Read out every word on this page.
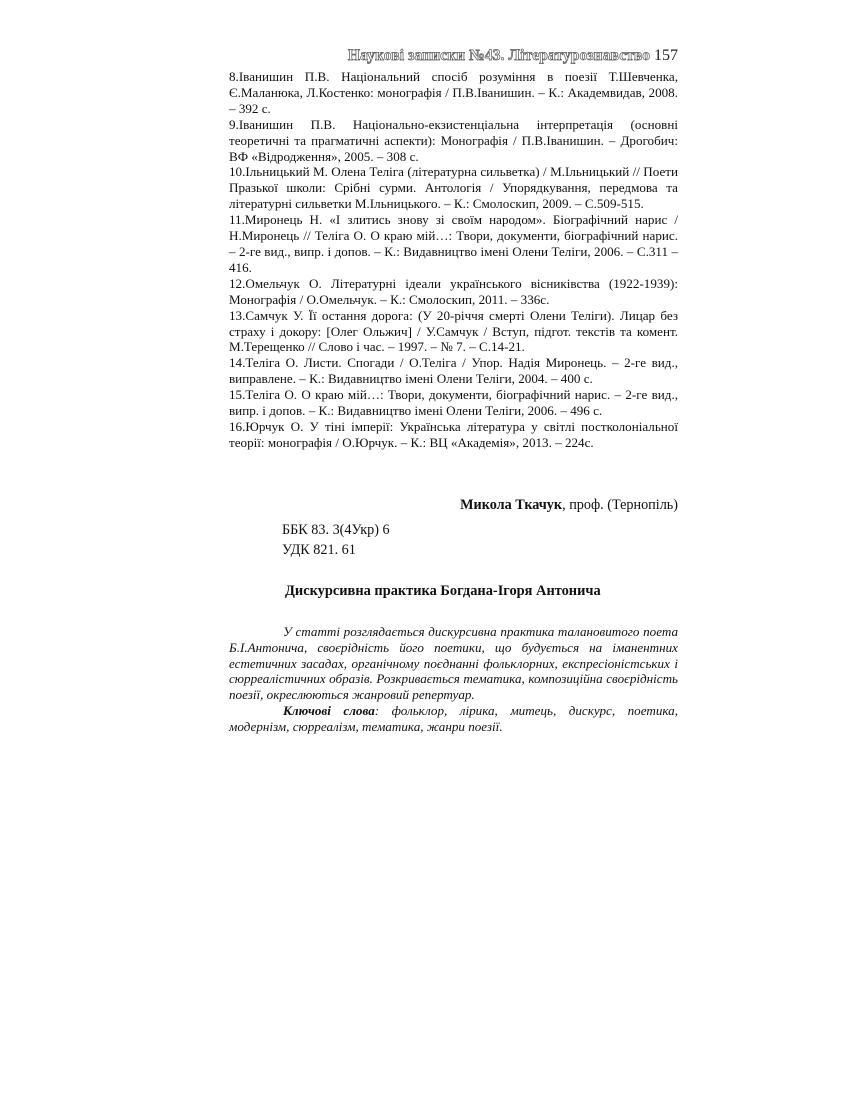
Наукові записки №43. Літературознавство 157

8.Іванишин П.В. Національний спосіб розуміння в поезії Т.Шевченка, Є.Маланюка, Л.Костенко: монографія / П.В.Іванишин. – К.: Академвидав, 2008. – 392 с.

9.Іванишин П.В. Національно-екзистенціальна інтерпретація (основні теоретичні та прагматичні аспекти): Монографія / П.В.Іванишин. – Дрогобич: ВФ «Відродження», 2005. – 308 с.

10.Ільницький М. Олена Теліга (літературна сильветка) / М.Ільницький // Поети Празької школи: Срібні сурми. Антологія / Упорядкування, передмова та літературні сильветки М.Ільницького. – К.: Смолоскип, 2009. – С.509-515.

11.Миронець Н. «І злитись знову зі своїм народом». Біографічний нарис / Н.Миронець // Теліга О. О краю мій…: Твори, документи, біографічний нарис. – 2-ге вид., випр. і допов. – К.: Видавництво імені Олени Теліги, 2006. – С.311 – 416.

12.Омельчук О. Літературні ідеали українського вісниківства (1922-1939): Монографія / О.Омельчук. – К.: Смолоскип, 2011. – 336с.

13.Самчук У. Її остання дорога: (У 20-річчя смерті Олени Теліги). Лицар без страху і докору: [Олег Ольжич] / У.Самчук / Вступ, підгот. текстів та комент. М.Терещенко // Слово і час. – 1997. – № 7. – С.14-21.

14.Теліга О. Листи. Спогади / О.Теліга / Упор. Надія Миронець. – 2-ге вид., виправлене. – К.: Видавництво імені Олени Теліги, 2004. – 400 с.

15.Теліга О. О краю мій…: Твори, документи, біографічний нарис. – 2-ге вид., випр. і допов. – К.: Видавництво імені Олени Теліги, 2006. – 496 с.

16.Юрчук О. У тіні імперії: Українська література у світлі постколоніальної теорії: монографія / О.Юрчук. – К.: ВЦ «Академія», 2013. – 224с.

Микола Ткачук, проф. (Тернопіль)
ББК 83. 3(4Укр) 6
УДК 821. 61
Дискурсивна практика Богдана-Ігоря Антонича

У статті розглядається дискурсивна практика талановитого поета Б.І.Антонича, своєрідність його поетики, що будується на іманентних естетичних засадах, органічному поєднанні фольклорних, експресіоністських і сюрреалістичних образів. Розкривається тематика, композиційна своєрідність поезії, окреслюються жанровий репертуар.

Ключові слова: фольклор, лірика, митець, дискурс, поетика, модернізм, сюрреалізм, тематика, жанри поезії.
